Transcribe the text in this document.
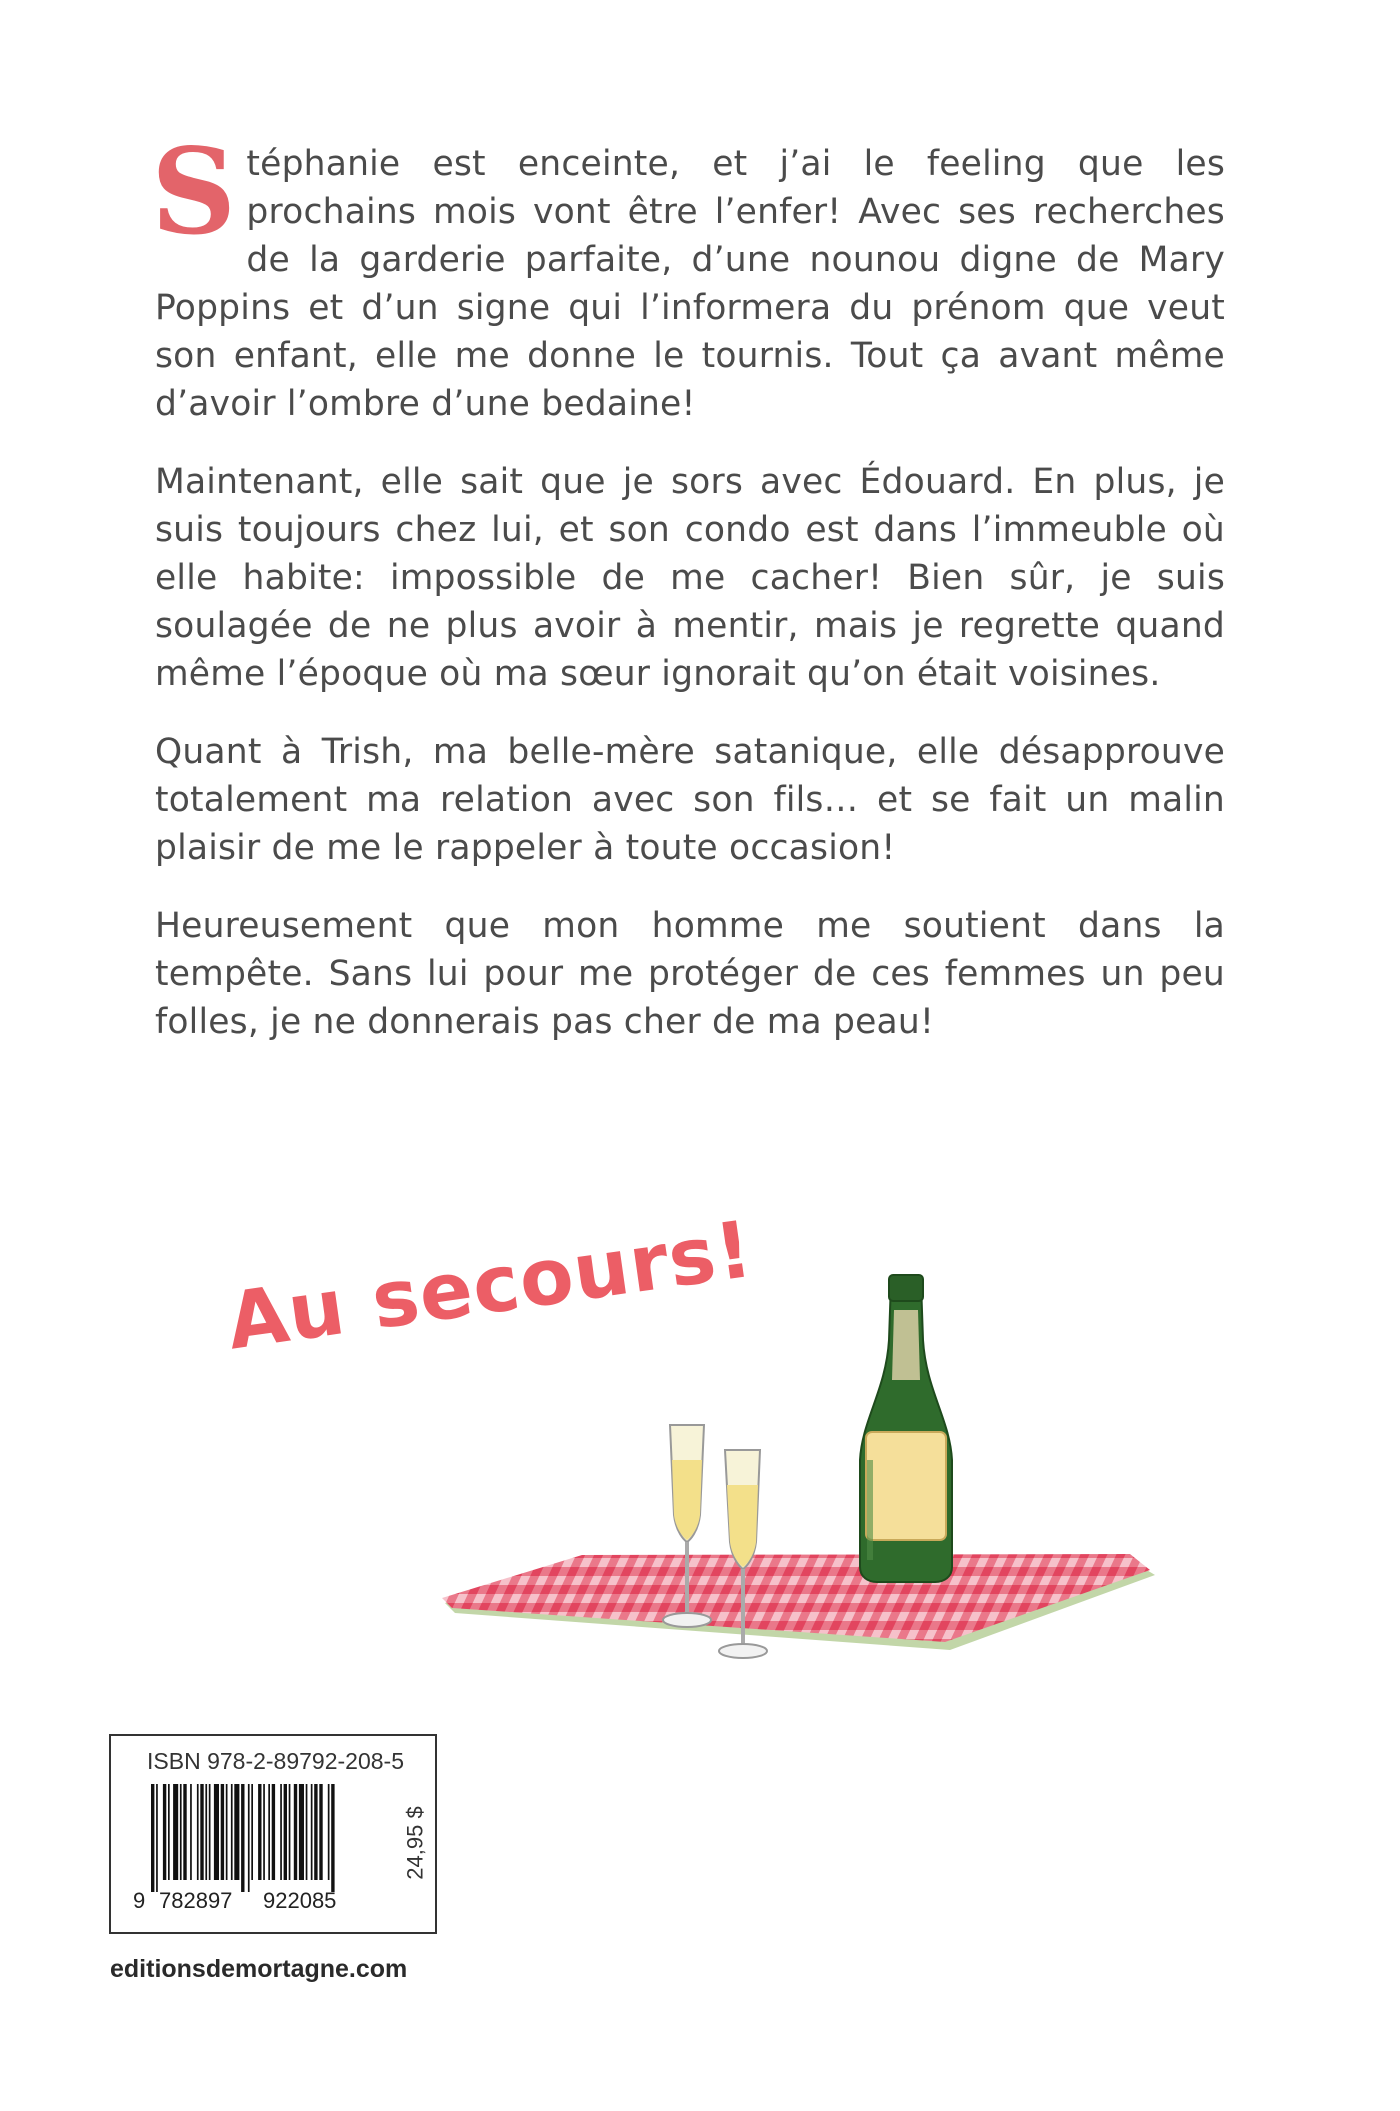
Stéphanie est enceinte, et j’ai le feeling que les prochains mois vont être l’enfer! Avec ses recherches de la garderie parfaite, d’une nounou digne de Mary Poppins et d’un signe qui l’informera du prénom que veut son enfant, elle me donne le tournis. Tout ça avant même d’avoir l’ombre d’une bedaine!

Maintenant, elle sait que je sors avec Édouard. En plus, je suis toujours chez lui, et son condo est dans l’immeuble où elle habite: impossible de me cacher! Bien sûr, je suis soulagée de ne plus avoir à mentir, mais je regrette quand même l’époque où ma sœur ignorait qu’on était voisines.

Quant à Trish, ma belle-mère satanique, elle désapprouve totalement ma relation avec son fils… et se fait un malin plaisir de me le rappeler à toute occasion!

Heureusement que mon homme me soutient dans la tempête. Sans lui pour me protéger de ces femmes un peu folles, je ne donnerais pas cher de ma peau!

Au secours!
ISBN 978-2-89792-208-5
9 782897 922085
24,95 $
editionsdemortagne.com
